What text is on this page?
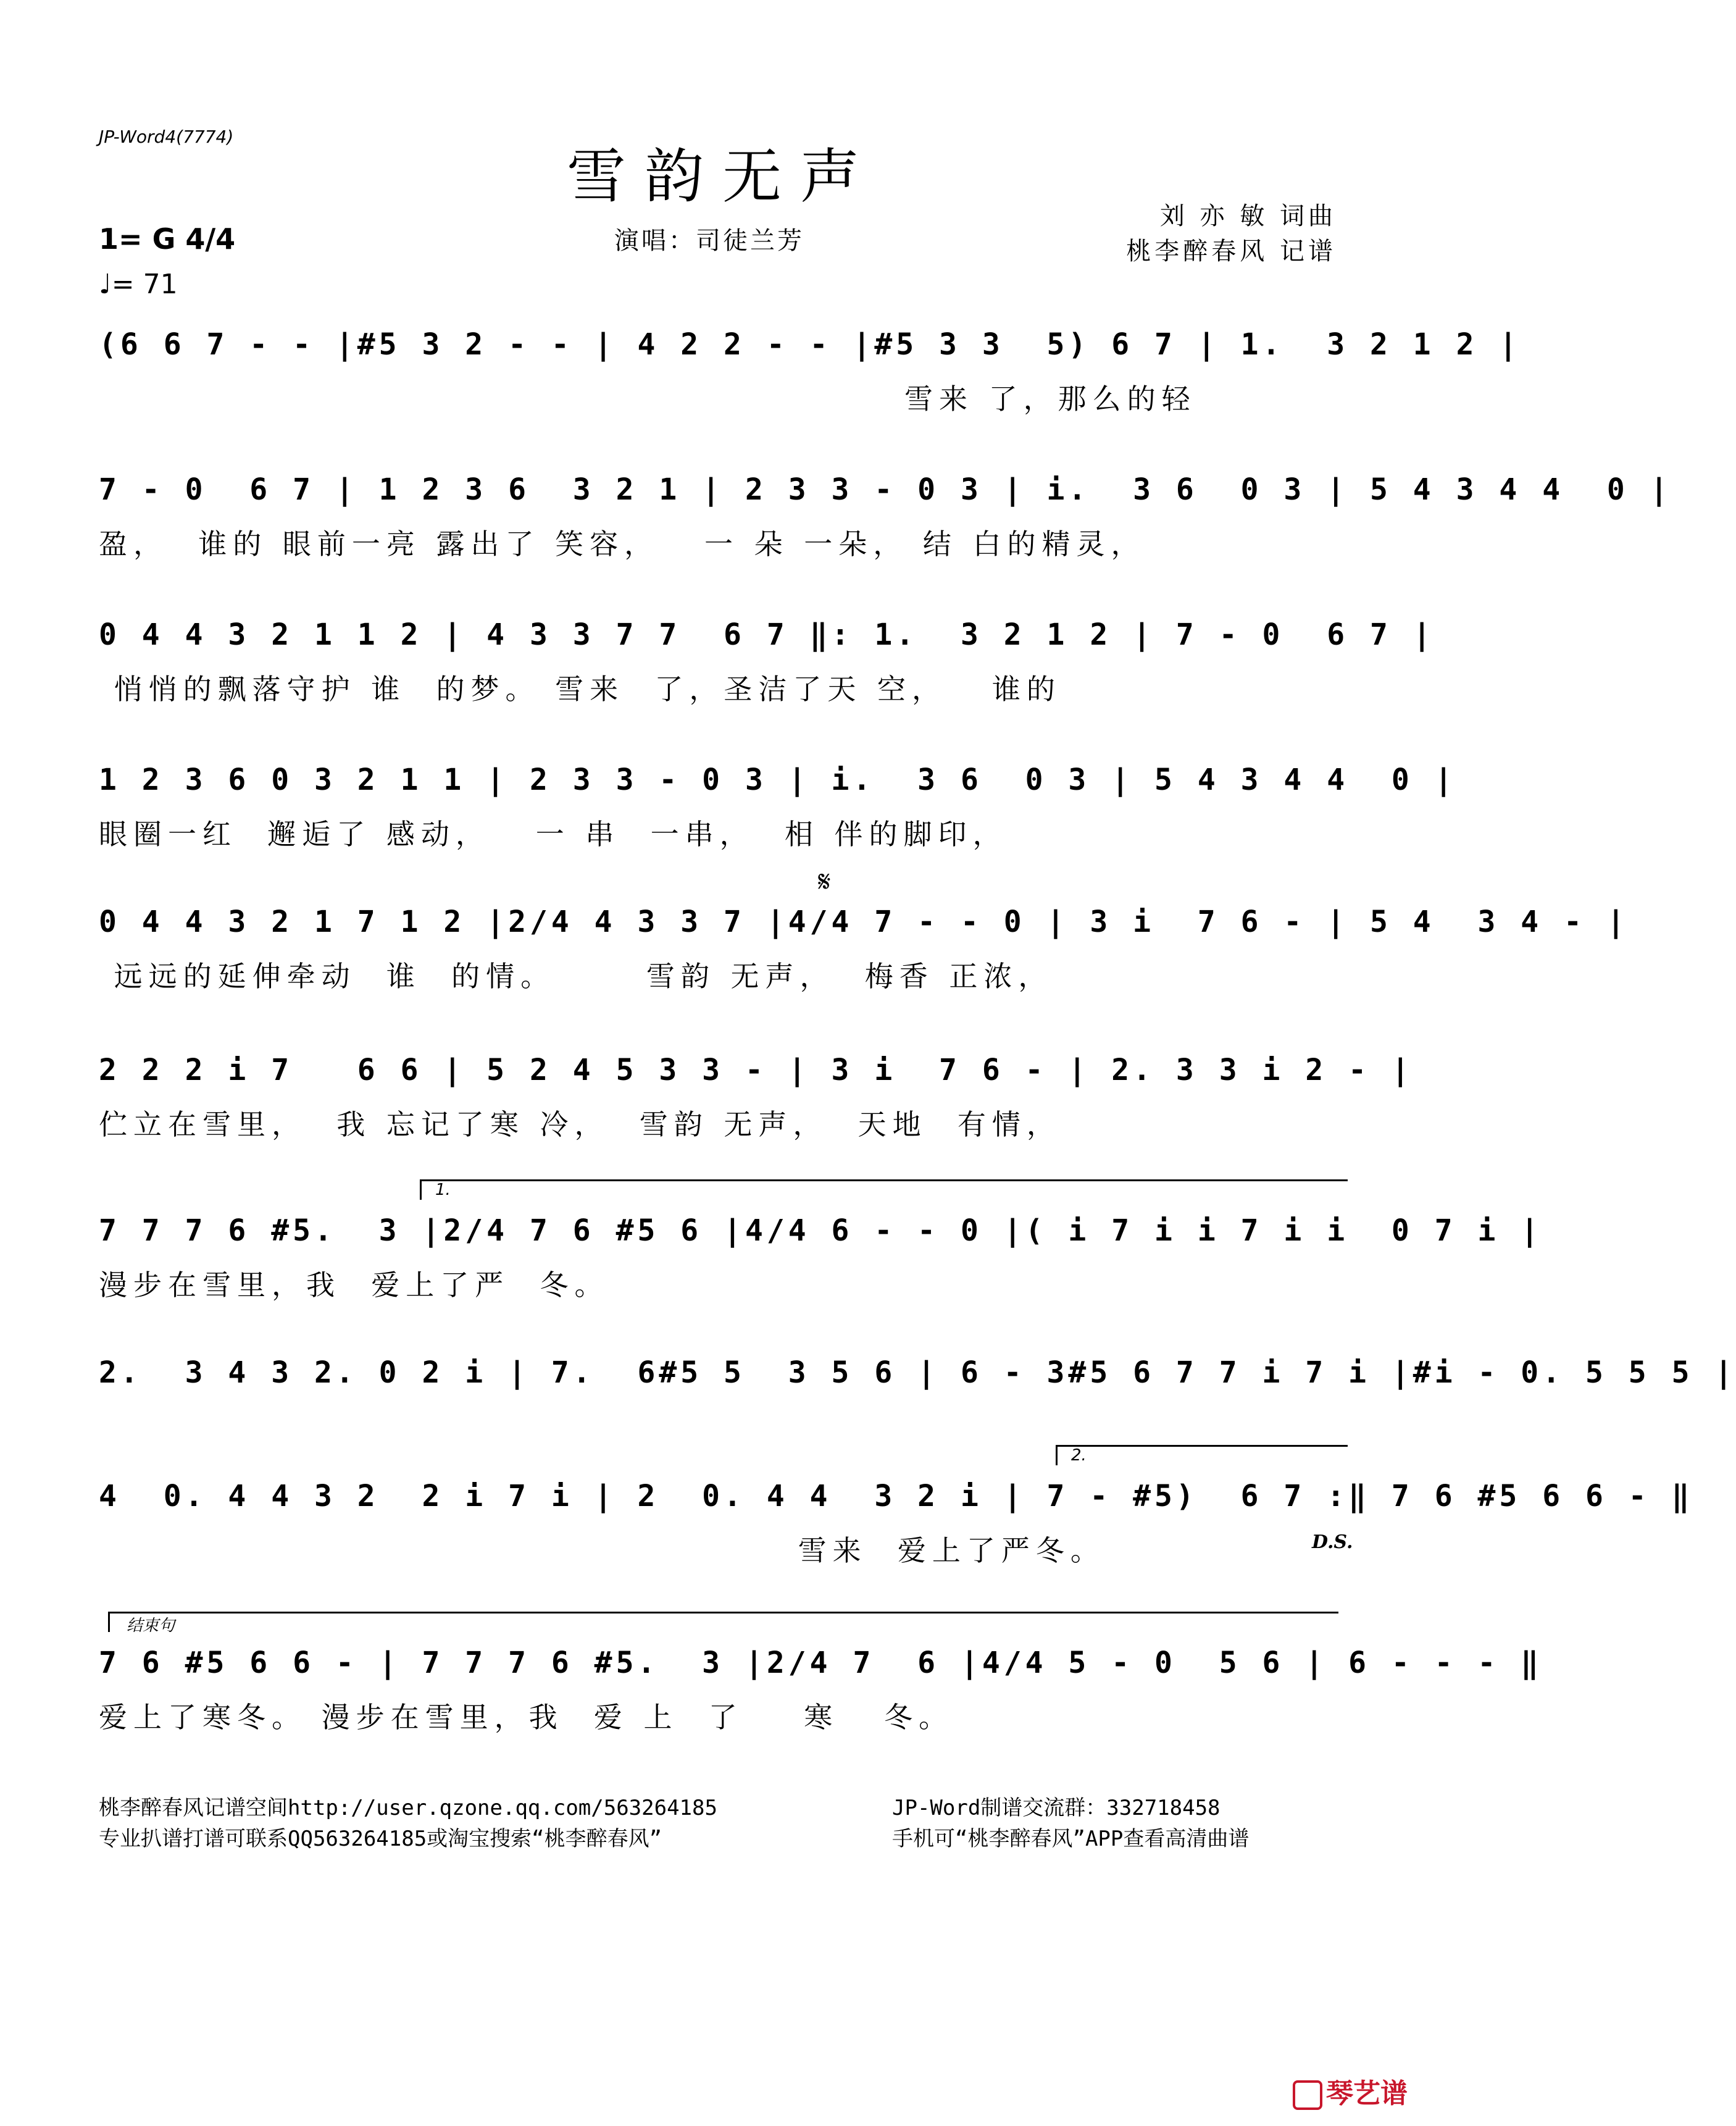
JP-Word4(7774)
雪韵无声
刘 亦 敏 词曲
桃李醉春风 记谱
1= G 4/4
♩= 71
演唱：司徒兰芳
(6 6 7 - - |#5 3 2 - - | 4 2 2 - - |#5 3 3  5) 6 7 | 1.  3 2 1 2 |
雪来 了，那么的轻
7 - 0  6 7 | 1 2 3 6  3 2 1 | 2 3 3 - 0 3 | i.  3 6  0 3 | 5 4 3 4 4  0 |
盈，  谁的 眼前一亮 露出了 笑容，   一 朵 一朵， 结 白的精灵，
0 4 4 3 2 1 1 2 | 4 3 3 7 7  6 7 ‖: 1.  3 2 1 2 | 7 - 0  6 7 |
悄悄的飘落守护 谁  的梦。 雪来  了，圣洁了天 空，   谁的
1 2 3 6 0 3 2 1 1 | 2 3 3 - 0 3 | i.  3 6  0 3 | 5 4 3 4 4  0 |
眼圈一红  邂逅了 感动，   一 串  一串，  相 伴的脚印，
𝄋
0 4 4 3 2 1 7 1 2 |2/4 4 3 3 7 |4/4 7 - - 0 | 3 i  7 6 - | 5 4  3 4 - |
远远的延伸牵动  谁  的情。      雪韵 无声，  梅香 正浓，
2 2 2 i 7   6 6 | 5 2 4 5 3 3 - | 3 i  7 6 - | 2. 3 3 i 2 - |
伫立在雪里，  我 忘记了寒 冷，  雪韵 无声，  天地  有情，
1.
7 7 7 6 #5.  3 |2/4 7 6 #5 6 |4/4 6 - - 0 |( i 7 i i 7 i i  0 7 i |
漫步在雪里，我  爱上了严  冬。
2.  3 4 3 2. 0 2 i | 7.  6#5 5  3 5 6 | 6 - 3#5 6 7 7 i 7 i |#i - 0. 5 5 5 |
2.
4  0. 4 4 3 2  2 i 7 i | 2  0. 4 4  3 2 i | 7 - #5)  6 7 :‖ 7 6 #5 6 6 - ‖
雪来  爱上了严冬。	D.S.
结束句
7 6 #5 6 6 - | 7 7 7 6 #5.  3 |2/4 7  6 |4/4 5 - 0  5 6 | 6 - - - ‖
爱上了寒冬。 漫步在雪里，我  爱 上  了    寒   冬。
桃李醉春风记谱空间http://user.qzone.qq.com/563264185
专业扒谱打谱可联系QQ563264185或淘宝搜索“桃李醉春风”
JP-Word制谱交流群：332718458
手机可“桃李醉春风”APP查看高清曲谱
琴艺谱
